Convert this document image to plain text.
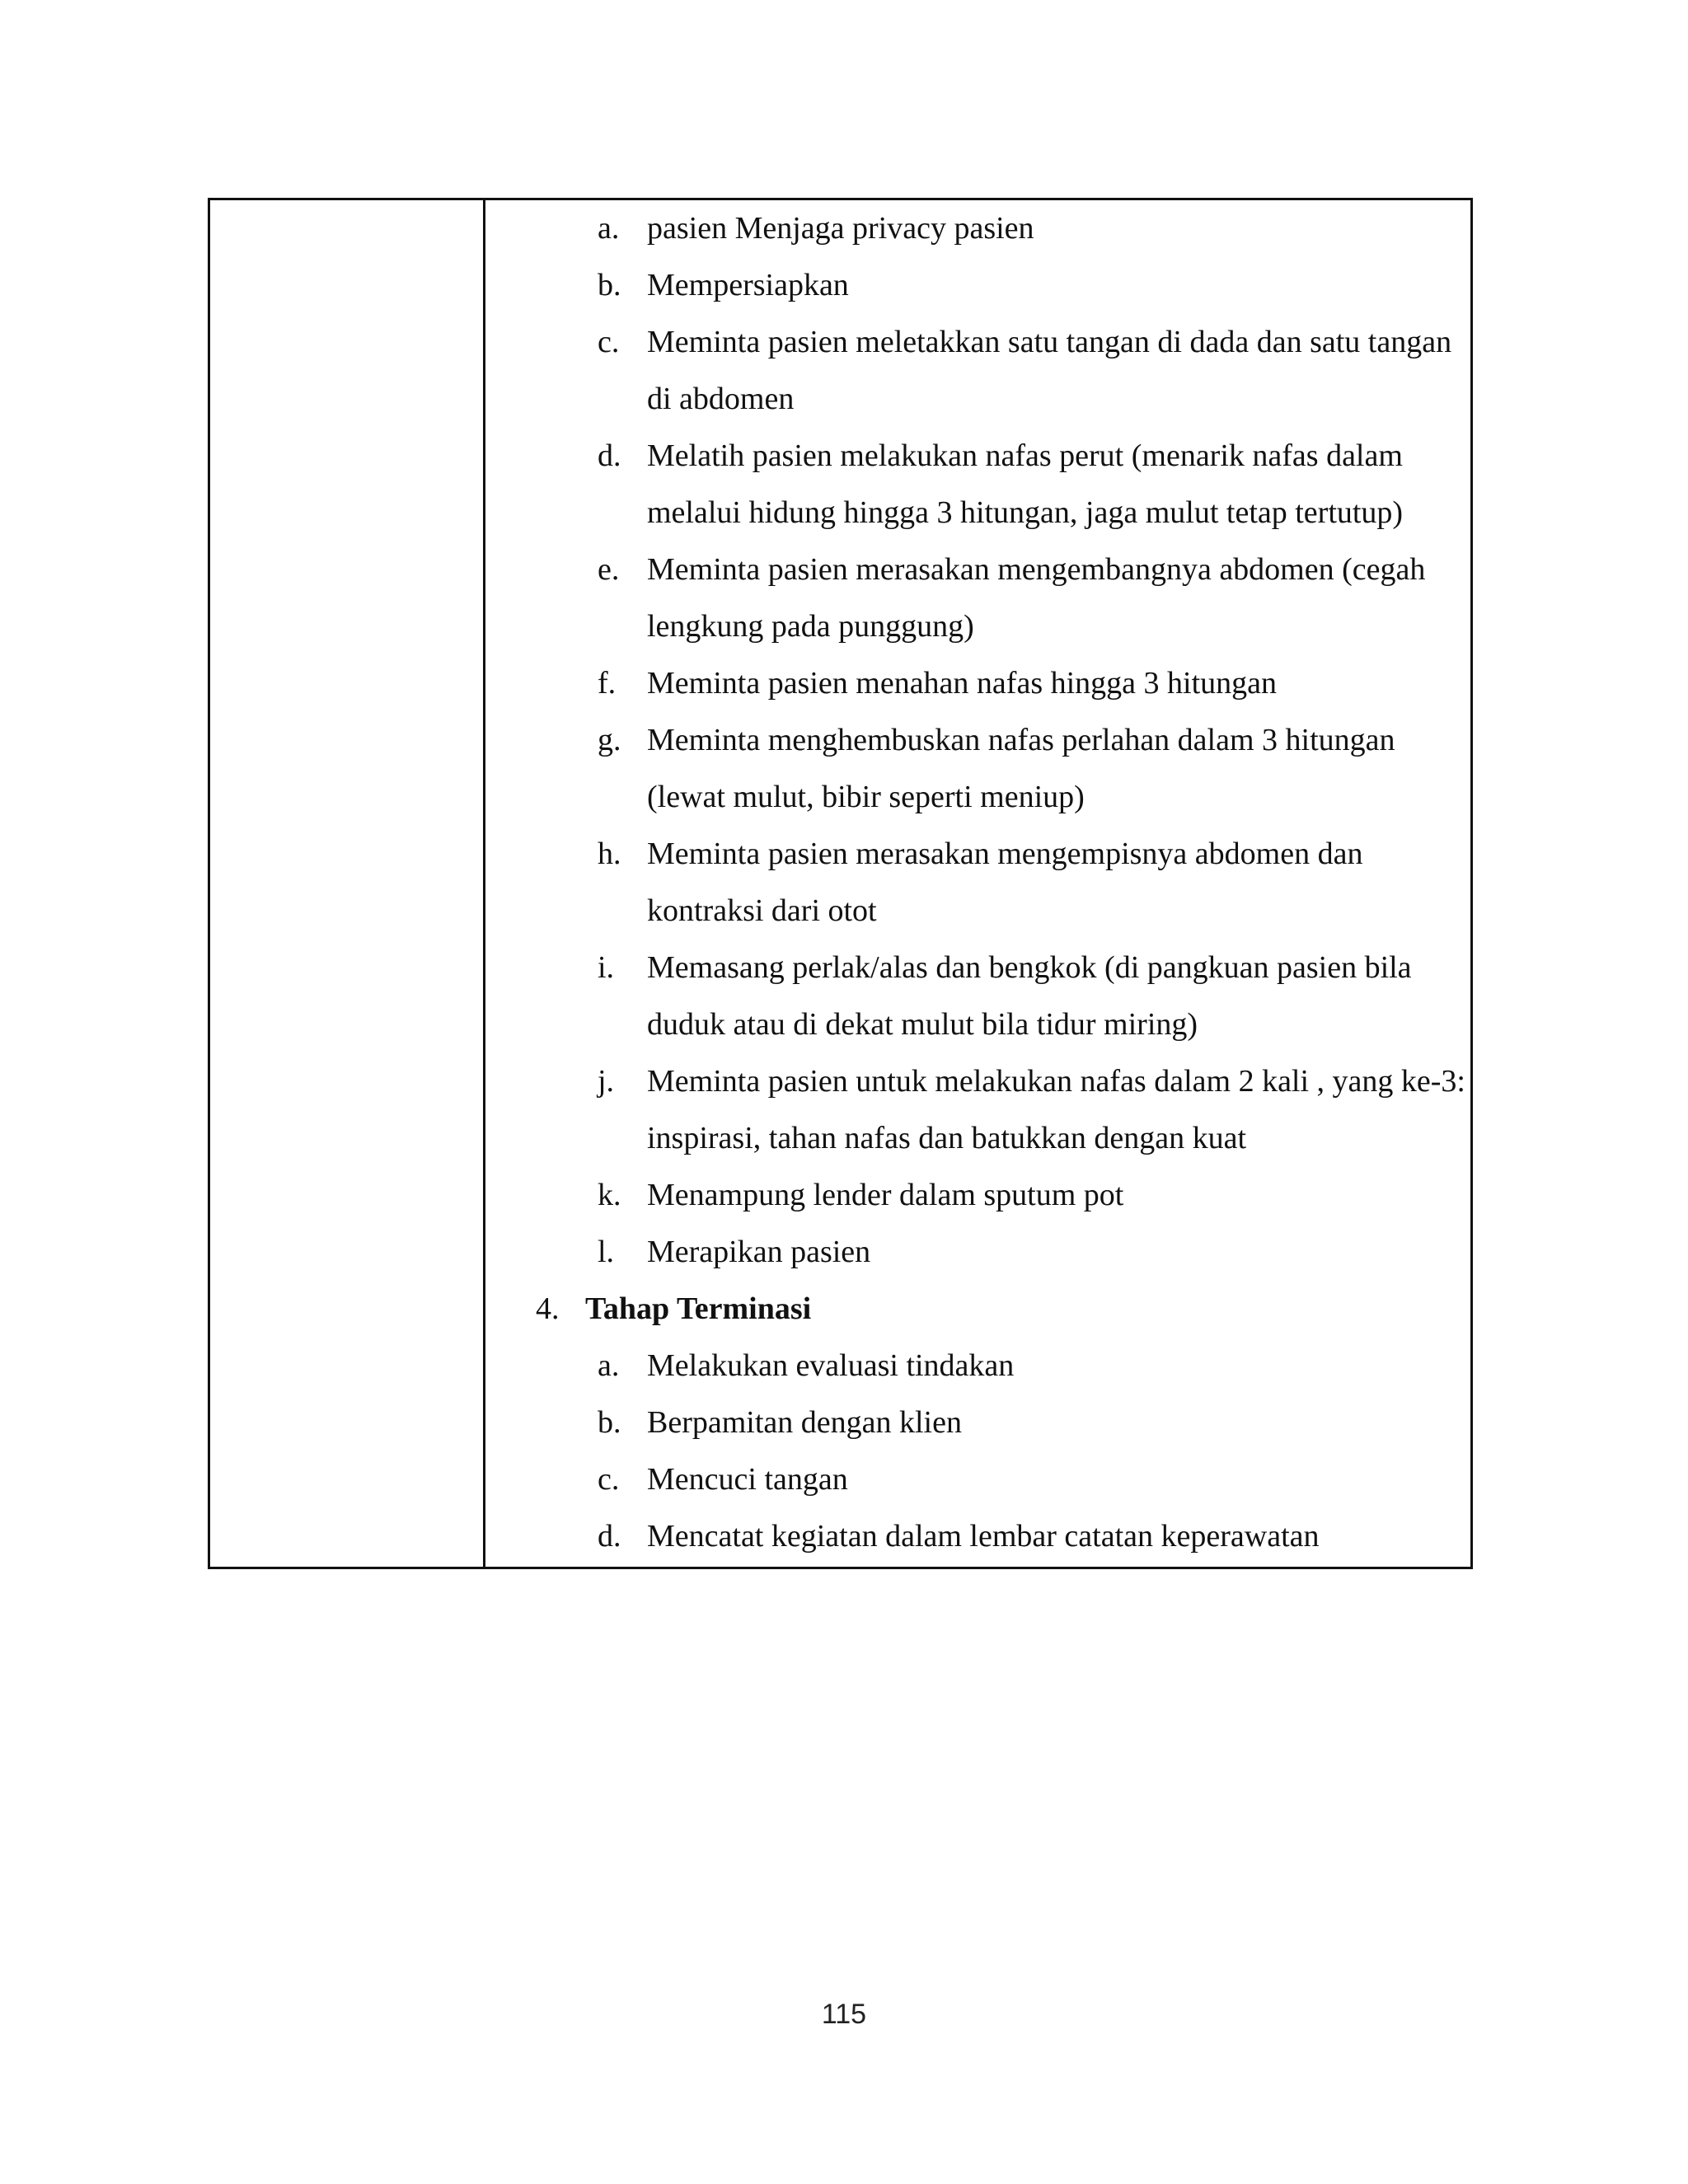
a. pasien Menjaga privacy pasien
b. Mempersiapkan
c. Meminta pasien meletakkan satu tangan di dada dan satu tangan di abdomen
d. Melatih pasien melakukan nafas perut (menarik nafas dalam melalui hidung hingga 3 hitungan, jaga mulut tetap tertutup)
e. Meminta pasien merasakan mengembangnya abdomen (cegah lengkung pada punggung)
f. Meminta pasien menahan nafas hingga 3 hitungan
g. Meminta menghembuskan nafas perlahan dalam 3 hitungan (lewat mulut, bibir seperti meniup)
h. Meminta pasien merasakan mengempisnya abdomen dan kontraksi dari otot
i.	Memasang perlak/alas dan bengkok (di pangkuan pasien bila duduk atau di dekat mulut bila tidur miring)
j.	Meminta pasien untuk melakukan nafas dalam 2 kali , yang ke-3: inspirasi, tahan nafas dan batukkan dengan kuat
k. Menampung lender dalam sputum pot
l.	Merapikan pasien
4. Tahap Terminasi
a. Melakukan evaluasi tindakan
b. Berpamitan dengan klien
c. Mencuci tangan
d. Mencatat kegiatan dalam lembar catatan keperawatan
115
